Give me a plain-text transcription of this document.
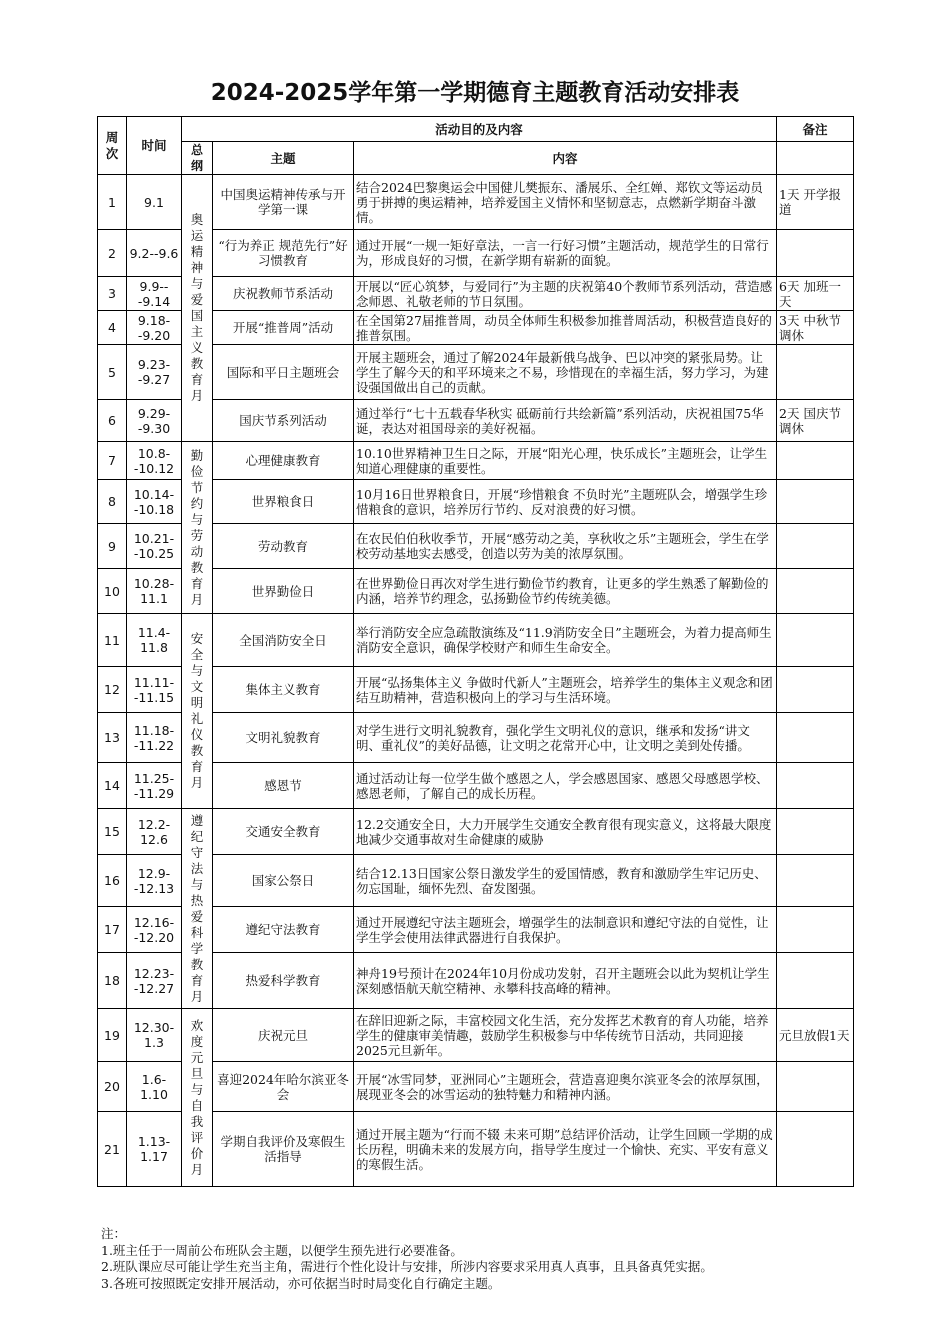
2024-2025学年第一学期德育主题教育活动安排表
周次	时间	活动目的及内容			备注
		总纲	主题	内容	
1	9.1	奥运精神与爱国主义教育月	中国奥运精神传承与开学第一课	结合2024巴黎奥运会中国健儿樊振东、潘展乐、全红婵、郑钦文等运动员勇于拼搏的奥运精神，培养爱国主义情怀和坚韧意志，点燃新学期奋斗激情。	1天 开学报道
2	9.2--9.6		“行为养正 规范先行”好习惯教育	通过开展“一规一矩好章法，一言一行好习惯”主题活动，规范学生的日常行为，形成良好的习惯，在新学期有崭新的面貌。	
3	9.9---9.14		庆祝教师节系活动	开展以“匠心筑梦，与爱同行”为主题的庆祝第40个教师节系列活动，营造感念师恩、礼敬老师的节日氛围。	6天 加班一天
4	9.18--9.20		开展“推普周”活动	在全国第27届推普周，动员全体师生积极参加推普周活动，积极营造良好的推普氛围。	3天 中秋节调休
5	9.23--9.27		国际和平日主题班会	开展主题班会，通过了解2024年最新俄乌战争、巴以冲突的紧张局势。让学生了解今天的和平环境来之不易，珍惜现在的幸福生活，努力学习，为建设强国做出自己的贡献。	
6	9.29--9.30		国庆节系列活动	通过举行“七十五载春华秋实 砥砺前行共绘新篇”系列活动，庆祝祖国75华诞，表达对祖国母亲的美好祝福。	2天 国庆节调休
7	10.8--10.12	勤俭节约与劳动教育月	心理健康教育	10.10世界精神卫生日之际，开展“阳光心理，快乐成长”主题班会，让学生知道心理健康的重要性。	
8	10.14--10.18		世界粮食日	10月16日世界粮食日，开展“珍惜粮食 不负时光”主题班队会，增强学生珍惜粮食的意识，培养厉行节约、反对浪费的好习惯。	
9	10.21--10.25		劳动教育	在农民伯伯秋收季节，开展“感劳动之美，享秋收之乐”主题班会，学生在学校劳动基地实去感受，创造以劳为美的浓厚氛围。	
10	10.28-11.1		世界勤俭日	在世界勤俭日再次对学生进行勤俭节约教育，让更多的学生熟悉了解勤俭的内涵，培养节约理念，弘扬勤俭节约传统美德。	
11	11.4-11.8	安全与文明礼仪教育月	全国消防安全日	举行消防安全应急疏散演练及“11.9消防安全日”主题班会，为着力提高师生消防安全意识，确保学校财产和师生生命安全。	
12	11.11--11.15		集体主义教育	开展“弘扬集体主义 争做时代新人”主题班会，培养学生的集体主义观念和团结互助精神，营造积极向上的学习与生活环境。	
13	11.18--11.22		文明礼貌教育	对学生进行文明礼貌教育，强化学生文明礼仪的意识，继承和发扬“讲文明、重礼仪”的美好品德，让文明之花常开心中，让文明之美到处传播。	
14	11.25--11.29		感恩节	通过活动让每一位学生做个感恩之人，学会感恩国家、感恩父母感恩学校、感恩老师，了解自己的成长历程。	
15	12.2-12.6	遵纪守法与热爱科学教育月	交通安全教育	12.2交通安全日，大力开展学生交通安全教育很有现实意义，这将最大限度地减少交通事故对生命健康的威胁	
16	12.9--12.13		国家公祭日	结合12.13日国家公祭日激发学生的爱国情感，教育和激励学生牢记历史、勿忘国耻，缅怀先烈、奋发图强。	
17	12.16--12.20		遵纪守法教育	通过开展遵纪守法主题班会，增强学生的法制意识和遵纪守法的自觉性，让学生学会使用法律武器进行自我保护。	
18	12.23--12.27		热爱科学教育	神舟19号预计在2024年10月份成功发射，召开主题班会以此为契机让学生深刻感悟航天航空精神、永攀科技高峰的精神。	
19	12.30-1.3	欢度元旦与自我评价月	庆祝元旦	在辞旧迎新之际，丰富校园文化生活，充分发挥艺术教育的育人功能，培养学生的健康审美情趣，鼓励学生积极参与中华传统节日活动，共同迎接2025元旦新年。	元旦放假1天
20	1.6-1.10		喜迎2024年哈尔滨亚冬会	开展“冰雪同梦，亚洲同心”主题班会，营造喜迎奥尔滨亚冬会的浓厚氛围，展现亚冬会的冰雪运动的独特魅力和精神内涵。	
21	1.13-1.17		学期自我评价及寒假生活指导	通过开展主题为“行而不辍 未来可期”总结评价活动，让学生回顾一学期的成长历程，明确未来的发展方向，指导学生度过一个愉快、充实、平安有意义的寒假生活。	
注：
1.班主任于一周前公布班队会主题，以便学生预先进行必要准备。
2.班队课应尽可能让学生充当主角，需进行个性化设计与安排，所涉内容要求采用真人真事，且具备真凭实据。
3.各班可按照既定安排开展活动，亦可依据当时时局变化自行确定主题。
